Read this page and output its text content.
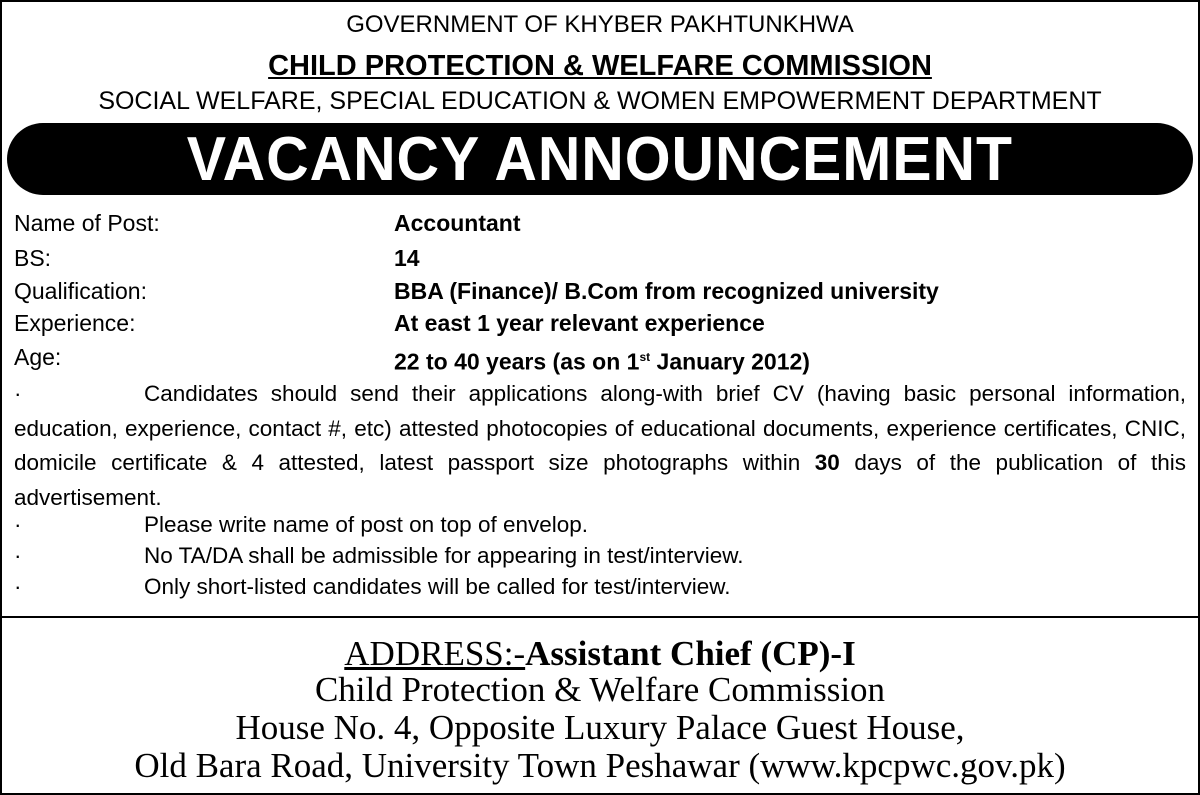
GOVERNMENT OF KHYBER PAKHTUNKHWA
CHILD PROTECTION & WELFARE COMMISSION
SOCIAL WELFARE, SPECIAL EDUCATION & WOMEN EMPOWERMENT DEPARTMENT
VACANCY ANNOUNCEMENT
Name of Post:	Accountant
BS:	14
Qualification:	BBA (Finance)/ B.Com from recognized university
Experience:	At east 1 year relevant experience
Age:	22 to 40 years (as on 1st January 2012)
·	Candidates should send their applications along-with brief CV (having basic personal information, education, experience, contact #, etc) attested photocopies of educational documents, experience certificates, CNIC, domicile certificate & 4 attested, latest passport size photographs within 30 days of the publication of this advertisement.
·	Please write name of post on top of envelop.
·	No TA/DA shall be admissible for appearing in test/interview.
·	Only short-listed candidates will be called for test/interview.
ADDRESS:-Assistant Chief (CP)-I
Child Protection & Welfare Commission
House No. 4, Opposite Luxury Palace Guest House,
Old Bara Road, University Town Peshawar (www.kpcpwc.gov.pk)
